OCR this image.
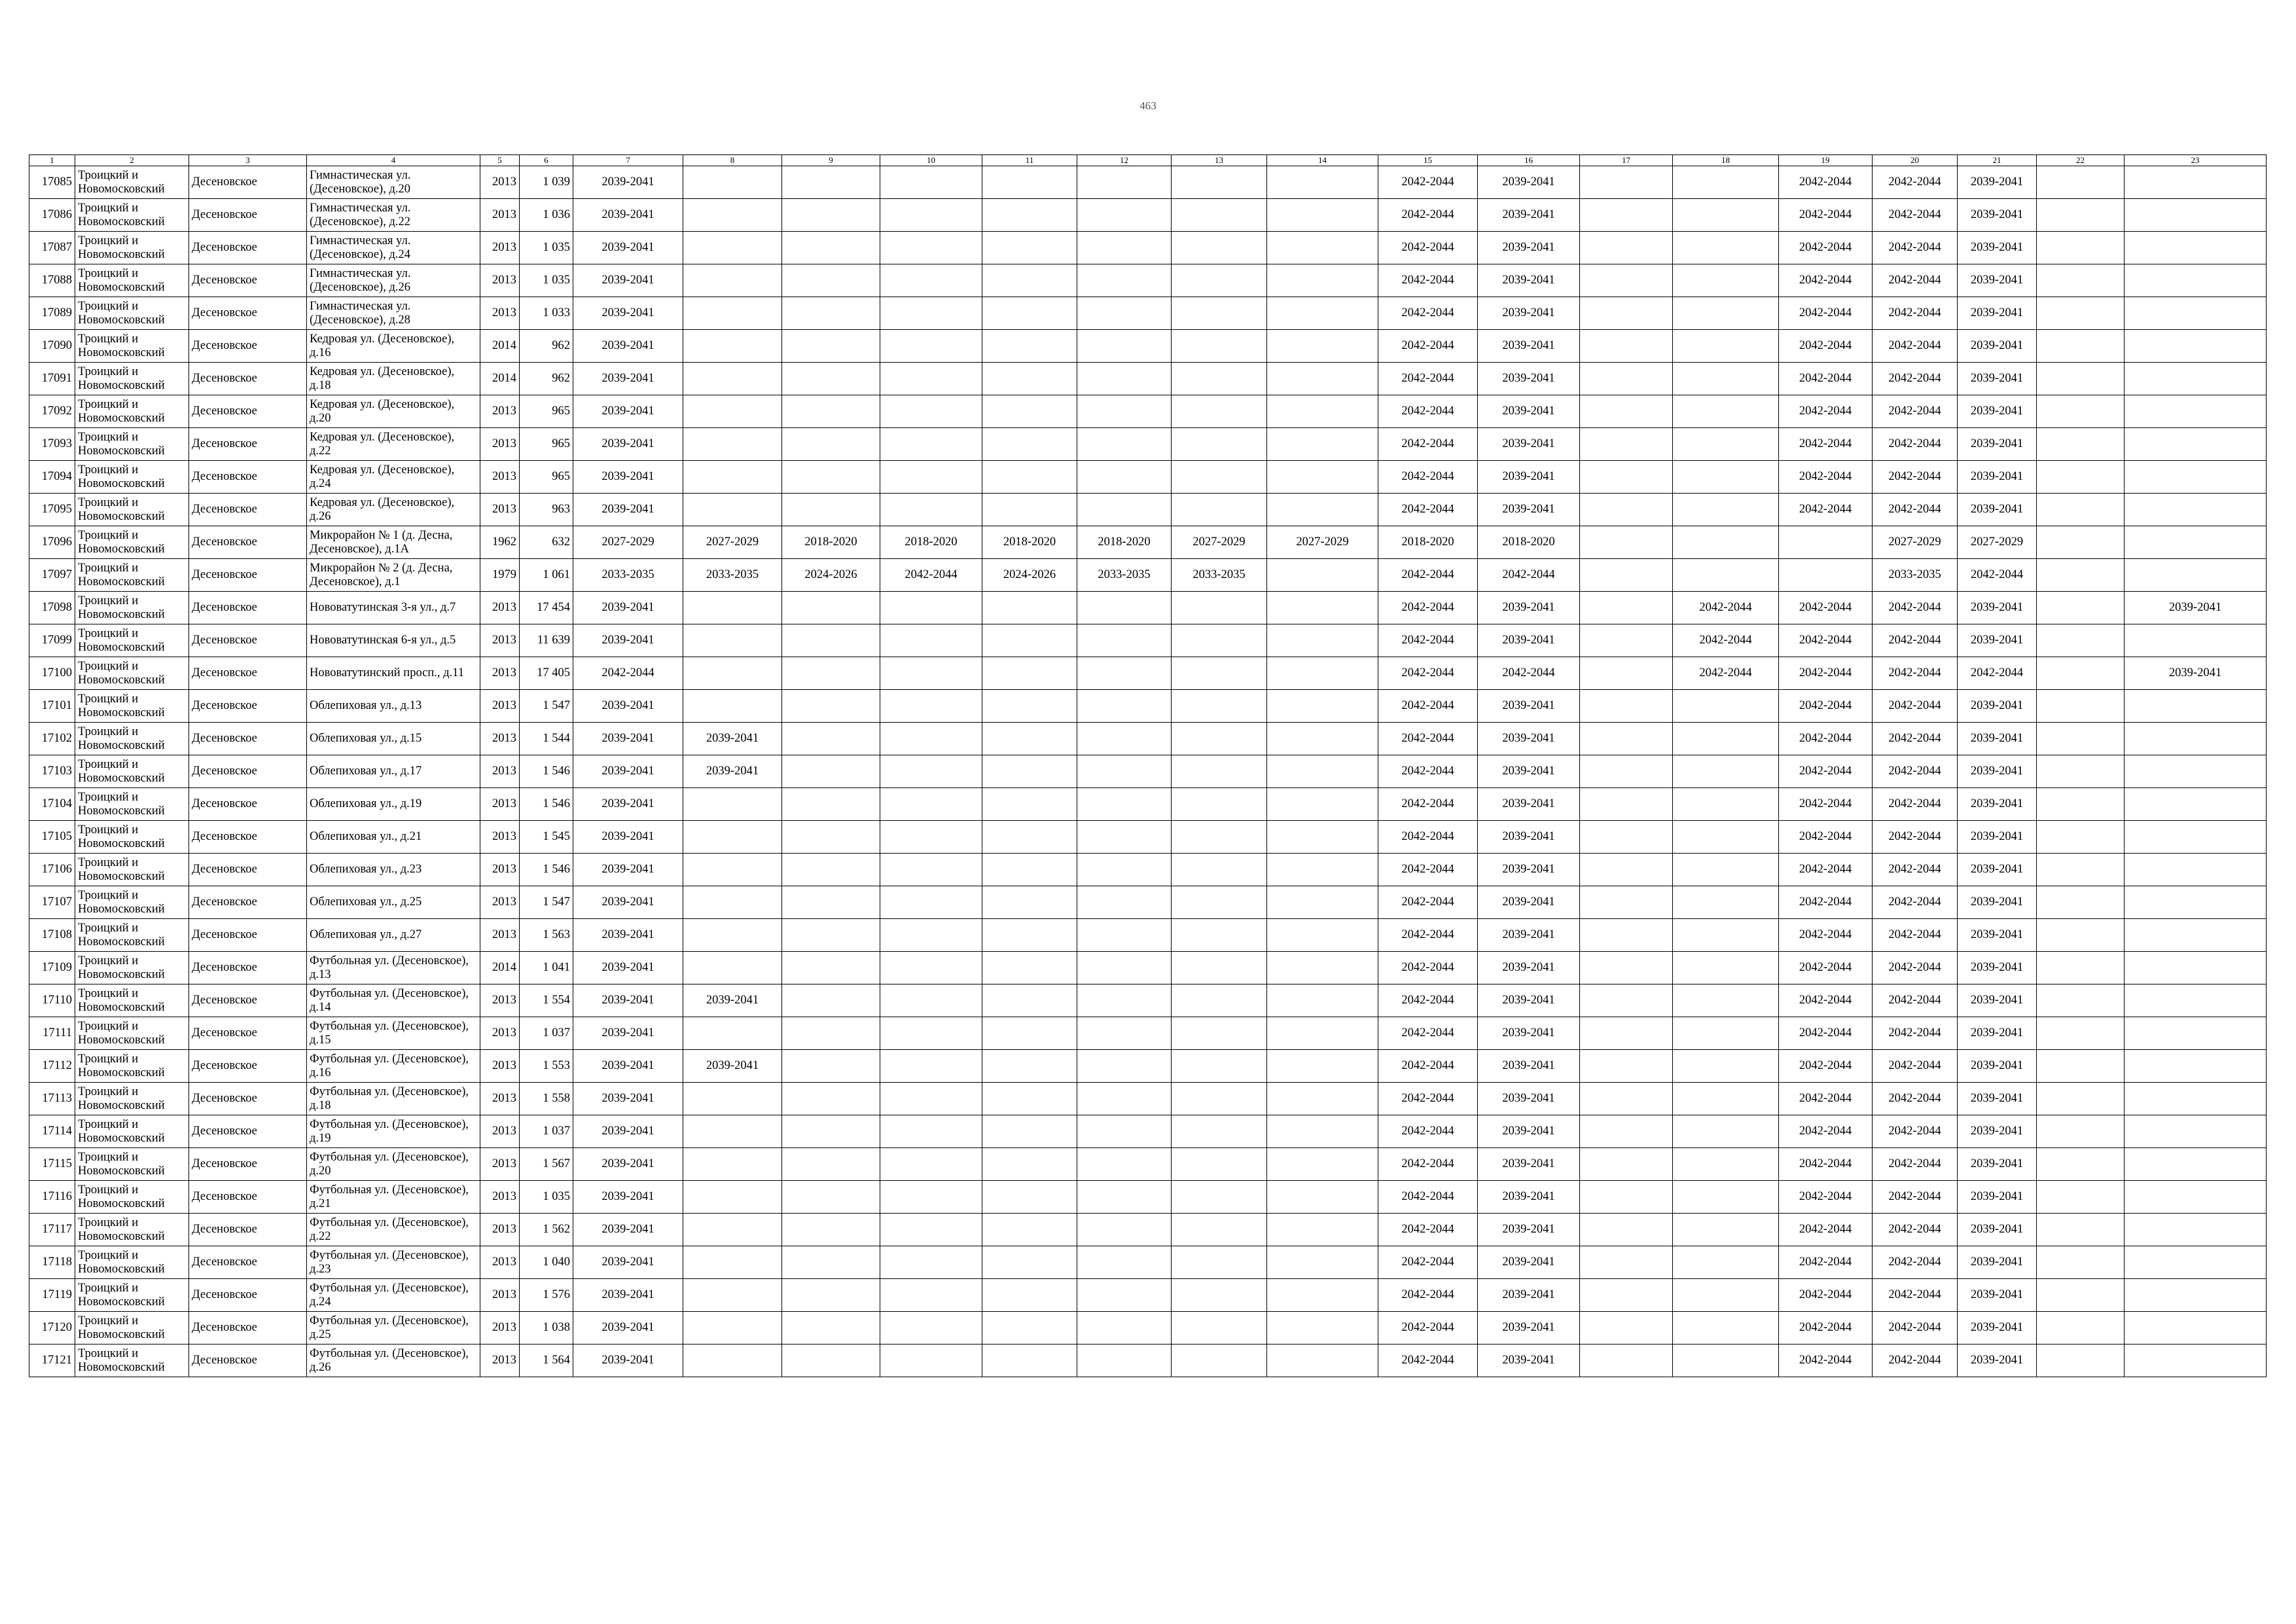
463
1	2	3	4	5	6	7	8	9	10	11	12	13	14	15	16	17	18	19	20	21	22	23
17085	Троицкий и
Новомосковский	Десеновское	Гимнастическая ул.
(Десеновское), д.20	2013	1 039	2039-2041								2042-2044	2039-2041			2042-2044	2042-2044	2039-2041		
17086	Троицкий и
Новомосковский	Десеновское	Гимнастическая ул.
(Десеновское), д.22	2013	1 036	2039-2041								2042-2044	2039-2041			2042-2044	2042-2044	2039-2041		
17087	Троицкий и
Новомосковский	Десеновское	Гимнастическая ул.
(Десеновское), д.24	2013	1 035	2039-2041								2042-2044	2039-2041			2042-2044	2042-2044	2039-2041		
17088	Троицкий и
Новомосковский	Десеновское	Гимнастическая ул.
(Десеновское), д.26	2013	1 035	2039-2041								2042-2044	2039-2041			2042-2044	2042-2044	2039-2041		
17089	Троицкий и
Новомосковский	Десеновское	Гимнастическая ул.
(Десеновское), д.28	2013	1 033	2039-2041								2042-2044	2039-2041			2042-2044	2042-2044	2039-2041		
17090	Троицкий и
Новомосковский	Десеновское	Кедровая ул. (Десеновское),
д.16	2014	962	2039-2041								2042-2044	2039-2041			2042-2044	2042-2044	2039-2041		
17091	Троицкий и
Новомосковский	Десеновское	Кедровая ул. (Десеновское),
д.18	2014	962	2039-2041								2042-2044	2039-2041			2042-2044	2042-2044	2039-2041		
17092	Троицкий и
Новомосковский	Десеновское	Кедровая ул. (Десеновское),
д.20	2013	965	2039-2041								2042-2044	2039-2041			2042-2044	2042-2044	2039-2041		
17093	Троицкий и
Новомосковский	Десеновское	Кедровая ул. (Десеновское),
д.22	2013	965	2039-2041								2042-2044	2039-2041			2042-2044	2042-2044	2039-2041		
17094	Троицкий и
Новомосковский	Десеновское	Кедровая ул. (Десеновское),
д.24	2013	965	2039-2041								2042-2044	2039-2041			2042-2044	2042-2044	2039-2041		
17095	Троицкий и
Новомосковский	Десеновское	Кедровая ул. (Десеновское),
д.26	2013	963	2039-2041								2042-2044	2039-2041			2042-2044	2042-2044	2039-2041		
17096	Троицкий и
Новомосковский	Десеновское	Микрорайон № 1 (д. Десна,
Десеновское), д.1А	1962	632	2027-2029	2027-2029	2018-2020	2018-2020	2018-2020	2018-2020	2027-2029	2027-2029	2018-2020	2018-2020				2027-2029	2027-2029		
17097	Троицкий и
Новомосковский	Десеновское	Микрорайон № 2 (д. Десна,
Десеновское), д.1	1979	1 061	2033-2035	2033-2035	2024-2026	2042-2044	2024-2026	2033-2035	2033-2035		2042-2044	2042-2044				2033-2035	2042-2044		
17098	Троицкий и
Новомосковский	Десеновское	Нововатутинская 3-я ул., д.7	2013	17 454	2039-2041								2042-2044	2039-2041		2042-2044	2042-2044	2042-2044	2039-2041		2039-2041
17099	Троицкий и
Новомосковский	Десеновское	Нововатутинская 6-я ул., д.5	2013	11 639	2039-2041								2042-2044	2039-2041		2042-2044	2042-2044	2042-2044	2039-2041		
17100	Троицкий и
Новомосковский	Десеновское	Нововатутинский просп., д.11	2013	17 405	2042-2044								2042-2044	2042-2044		2042-2044	2042-2044	2042-2044	2042-2044		2039-2041
17101	Троицкий и
Новомосковский	Десеновское	Облепиховая ул., д.13	2013	1 547	2039-2041								2042-2044	2039-2041			2042-2044	2042-2044	2039-2041		
17102	Троицкий и
Новомосковский	Десеновское	Облепиховая ул., д.15	2013	1 544	2039-2041	2039-2041							2042-2044	2039-2041			2042-2044	2042-2044	2039-2041		
17103	Троицкий и
Новомосковский	Десеновское	Облепиховая ул., д.17	2013	1 546	2039-2041	2039-2041							2042-2044	2039-2041			2042-2044	2042-2044	2039-2041		
17104	Троицкий и
Новомосковский	Десеновское	Облепиховая ул., д.19	2013	1 546	2039-2041								2042-2044	2039-2041			2042-2044	2042-2044	2039-2041		
17105	Троицкий и
Новомосковский	Десеновское	Облепиховая ул., д.21	2013	1 545	2039-2041								2042-2044	2039-2041			2042-2044	2042-2044	2039-2041		
17106	Троицкий и
Новомосковский	Десеновское	Облепиховая ул., д.23	2013	1 546	2039-2041								2042-2044	2039-2041			2042-2044	2042-2044	2039-2041		
17107	Троицкий и
Новомосковский	Десеновское	Облепиховая ул., д.25	2013	1 547	2039-2041								2042-2044	2039-2041			2042-2044	2042-2044	2039-2041		
17108	Троицкий и
Новомосковский	Десеновское	Облепиховая ул., д.27	2013	1 563	2039-2041								2042-2044	2039-2041			2042-2044	2042-2044	2039-2041		
17109	Троицкий и
Новомосковский	Десеновское	Футбольная ул. (Десеновское),
д.13	2014	1 041	2039-2041								2042-2044	2039-2041			2042-2044	2042-2044	2039-2041		
17110	Троицкий и
Новомосковский	Десеновское	Футбольная ул. (Десеновское),
д.14	2013	1 554	2039-2041	2039-2041							2042-2044	2039-2041			2042-2044	2042-2044	2039-2041		
17111	Троицкий и
Новомосковский	Десеновское	Футбольная ул. (Десеновское),
д.15	2013	1 037	2039-2041								2042-2044	2039-2041			2042-2044	2042-2044	2039-2041		
17112	Троицкий и
Новомосковский	Десеновское	Футбольная ул. (Десеновское),
д.16	2013	1 553	2039-2041	2039-2041							2042-2044	2039-2041			2042-2044	2042-2044	2039-2041		
17113	Троицкий и
Новомосковский	Десеновское	Футбольная ул. (Десеновское),
д.18	2013	1 558	2039-2041								2042-2044	2039-2041			2042-2044	2042-2044	2039-2041		
17114	Троицкий и
Новомосковский	Десеновское	Футбольная ул. (Десеновское),
д.19	2013	1 037	2039-2041								2042-2044	2039-2041			2042-2044	2042-2044	2039-2041		
17115	Троицкий и
Новомосковский	Десеновское	Футбольная ул. (Десеновское),
д.20	2013	1 567	2039-2041								2042-2044	2039-2041			2042-2044	2042-2044	2039-2041		
17116	Троицкий и
Новомосковский	Десеновское	Футбольная ул. (Десеновское),
д.21	2013	1 035	2039-2041								2042-2044	2039-2041			2042-2044	2042-2044	2039-2041		
17117	Троицкий и
Новомосковский	Десеновское	Футбольная ул. (Десеновское),
д.22	2013	1 562	2039-2041								2042-2044	2039-2041			2042-2044	2042-2044	2039-2041		
17118	Троицкий и
Новомосковский	Десеновское	Футбольная ул. (Десеновское),
д.23	2013	1 040	2039-2041								2042-2044	2039-2041			2042-2044	2042-2044	2039-2041		
17119	Троицкий и
Новомосковский	Десеновское	Футбольная ул. (Десеновское),
д.24	2013	1 576	2039-2041								2042-2044	2039-2041			2042-2044	2042-2044	2039-2041		
17120	Троицкий и
Новомосковский	Десеновское	Футбольная ул. (Десеновское),
д.25	2013	1 038	2039-2041								2042-2044	2039-2041			2042-2044	2042-2044	2039-2041		
17121	Троицкий и
Новомосковский	Десеновское	Футбольная ул. (Десеновское),
д.26	2013	1 564	2039-2041								2042-2044	2039-2041			2042-2044	2042-2044	2039-2041		
